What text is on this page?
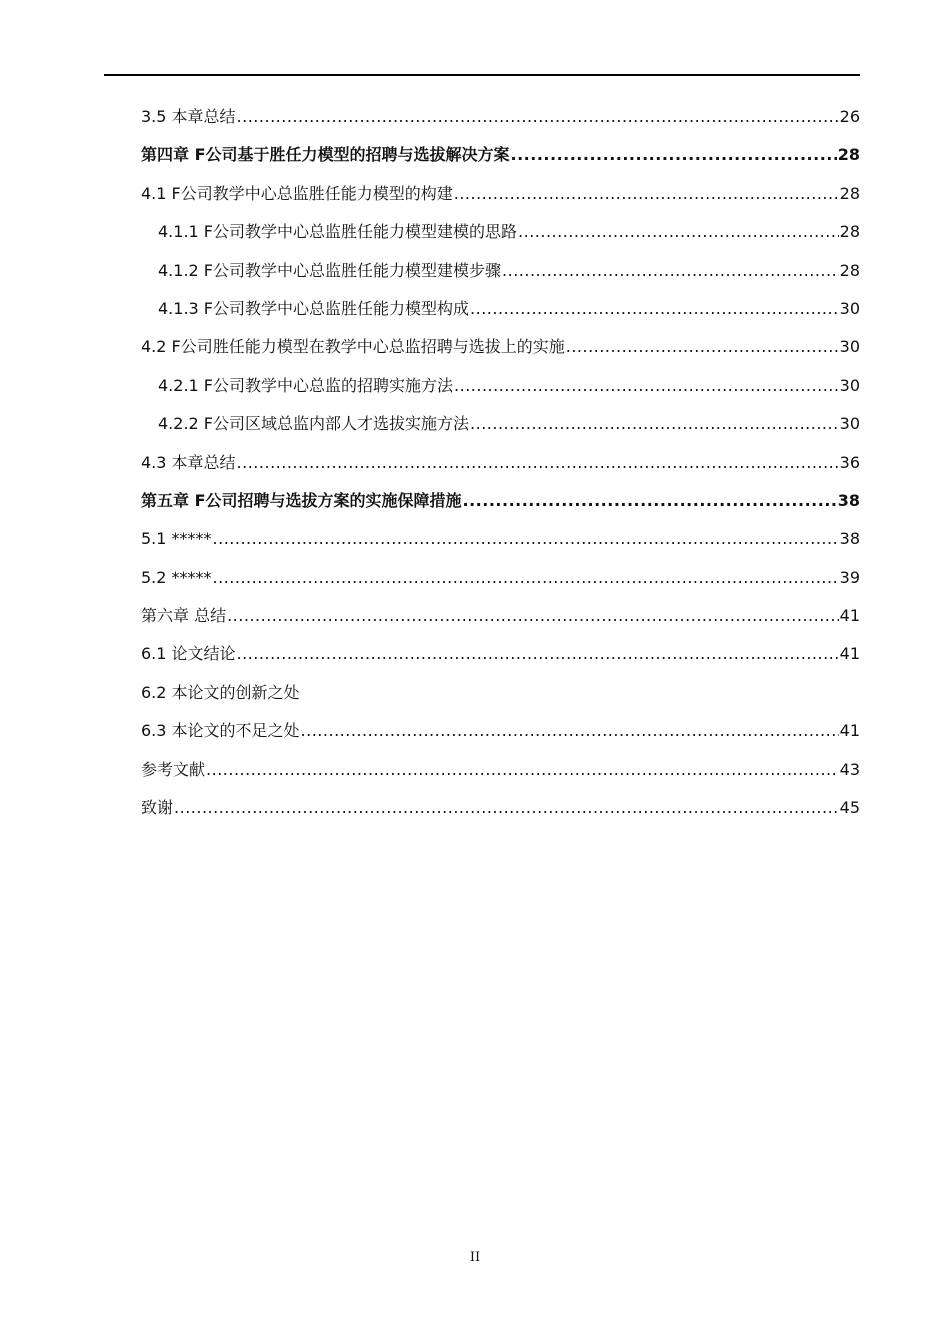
3.5 本章总结 .....	26
第四章 F公司基于胜任力模型的招聘与选拔解决方案 .....	28
4.1 F公司教学中心总监胜任能力模型的构建 .....	28
4.1.1 F公司教学中心总监胜任能力模型建模的思路 .....	28
4.1.2 F公司教学中心总监胜任能力模型建模步骤 .....	28
4.1.3 F公司教学中心总监胜任能力模型构成 .....	30
4.2 F公司胜任能力模型在教学中心总监招聘与选拔上的实施 .....	30
4.2.1 F公司教学中心总监的招聘实施方法 .....	30
4.2.2 F公司区域总监内部人才选拔实施方法 .....	30
4.3 本章总结 .....	36
第五章 F公司招聘与选拔方案的实施保障措施 .....	38
5.1 ***** .....	38
5.2 ***** .....	39
第六章 总结 .....	41
6.1 论文结论 .....	41
6.2 本论文的创新之处
6.3 本论文的不足之处 .....	41
参考文献 .....	43
致谢 .....	45
II
